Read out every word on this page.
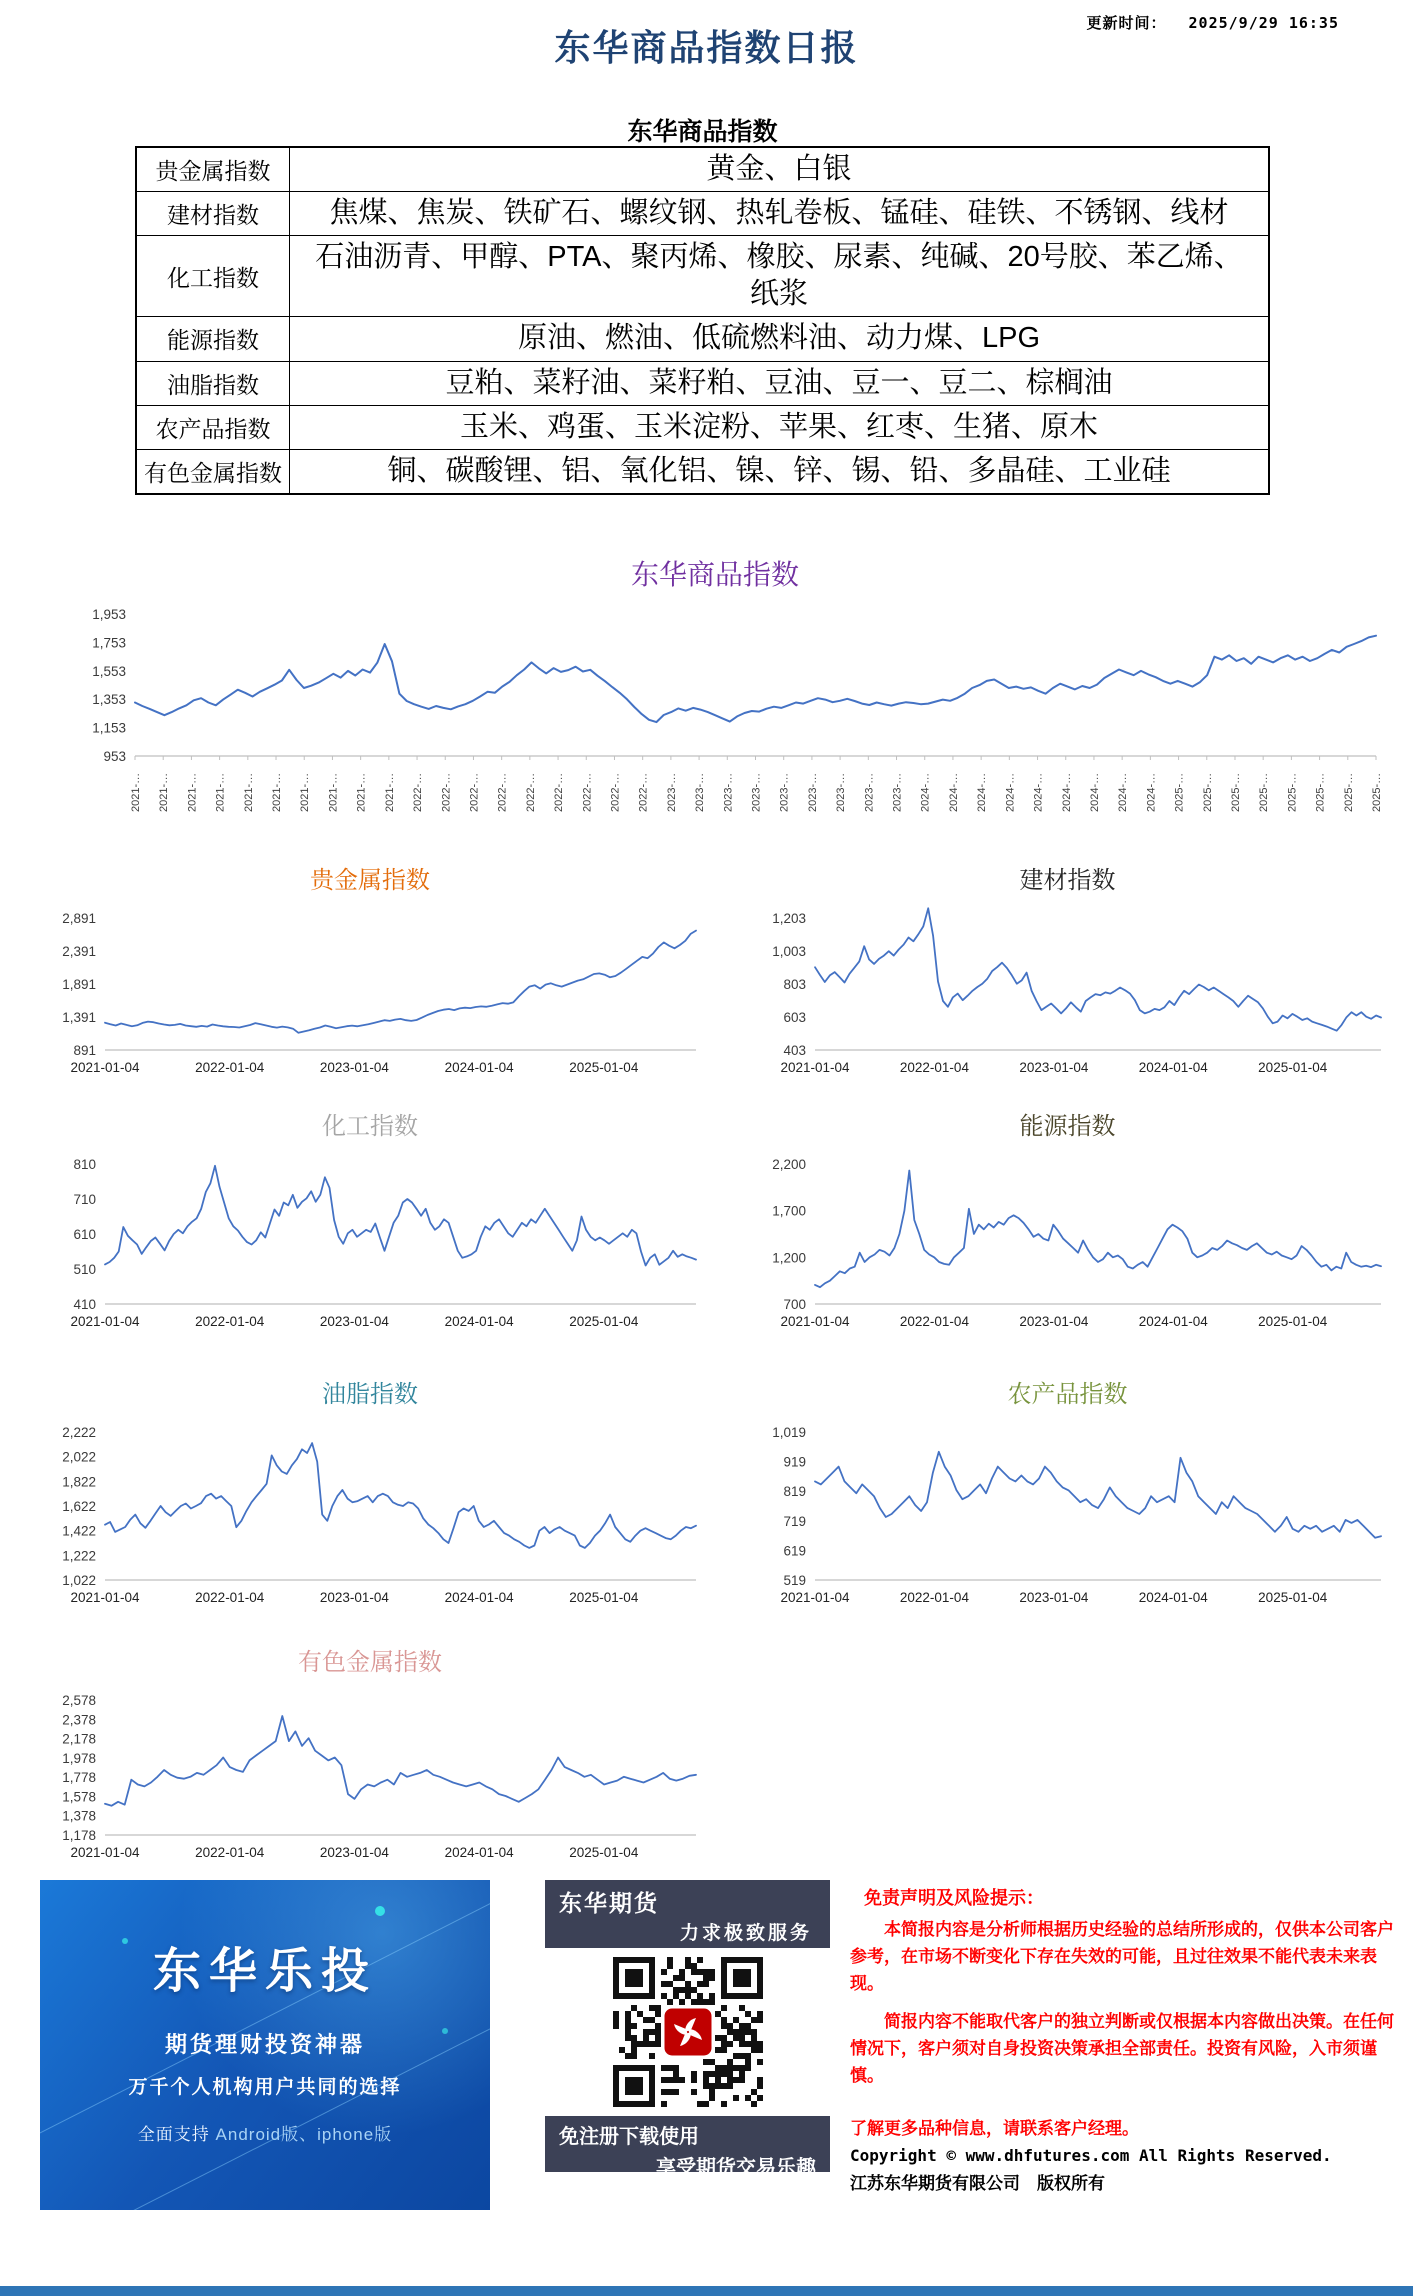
更新时间： 2025/9/29 16:35
东华商品指数日报
东华商品指数
贵金属指数	黄金、白银
建材指数	焦煤、焦炭、铁矿石、螺纹钢、热轧卷板、锰硅、硅铁、不锈钢、线材
化工指数	石油沥青、甲醇、PTA、聚丙烯、橡胶、尿素、纯碱、20号胶、苯乙烯、纸浆
能源指数	原油、燃油、低硫燃料油、动力煤、LPG
油脂指数	豆粕、菜籽油、菜籽粕、豆油、豆一、豆二、棕榈油
农产品指数	玉米、鸡蛋、玉米淀粉、苹果、红枣、生猪、原木
有色金属指数	铜、碳酸锂、铝、氧化铝、镍、锌、锡、铅、多晶硅、工业硅
东华商品指数
953
1,153
1,353
1,553
1,753
1,953
2021-… 2021-… 2021-… 2021-… 2021-… 2021-… 2021-… 2021-… 2021-… 2021-… 2022-… 2022-… 2022-… 2022-… 2022-… 2022-… 2022-… 2022-… 2022-… 2023-… 2023-… 2023-… 2023-… 2023-… 2023-… 2023-… 2023-… 2023-… 2024-… 2024-… 2024-… 2024-… 2024-… 2024-… 2024-… 2024-… 2024-… 2025-… 2025-… 2025-… 2025-… 2025-… 2025-… 2025-… 2025-…
贵金属指数
891
1,391
1,891
2,391
2,891
2021-01-04	2022-01-04	2023-01-04	2024-01-04	2025-01-04
建材指数
403
603
803
1,003
1,203
2021-01-04	2022-01-04	2023-01-04	2024-01-04	2025-01-04
化工指数
410
510
610
710
810
2021-01-04	2022-01-04	2023-01-04	2024-01-04	2025-01-04
能源指数
700
1,200
1,700
2,200
2021-01-04	2022-01-04	2023-01-04	2024-01-04	2025-01-04
油脂指数
1,022
1,222
1,422
1,622
1,822
2,022
2,222
2021-01-04	2022-01-04	2023-01-04	2024-01-04	2025-01-04
农产品指数
519
619
719
819
919
1,019
2021-01-04	2022-01-04	2023-01-04	2024-01-04	2025-01-04
有色金属指数
1,178
1,378
1,578
1,778
1,978
2,178
2,378
2,578
2021-01-04	2022-01-04	2023-01-04	2024-01-04	2025-01-04
东华乐投
期货理财投资神器
万千个人机构用户共同的选择
全面支持 Android版、iphone版
东华期货
力求极致服务
免注册下载使用
享受期货交易乐趣
免责声明及风险提示：

本简报内容是分析师根据历史经验的总结所形成的，仅供本公司客户参考，在市场不断变化下存在失效的可能，且过往效果不能代表未来表现。

简报内容不能取代客户的独立判断或仅根据本内容做出决策。在任何情况下，客户须对自身投资决策承担全部责任。投资有风险，入市须谨慎。

了解更多品种信息，请联系客户经理。

Copyright © www.dhfutures.com All Rights Reserved.
江苏东华期货有限公司　版权所有
